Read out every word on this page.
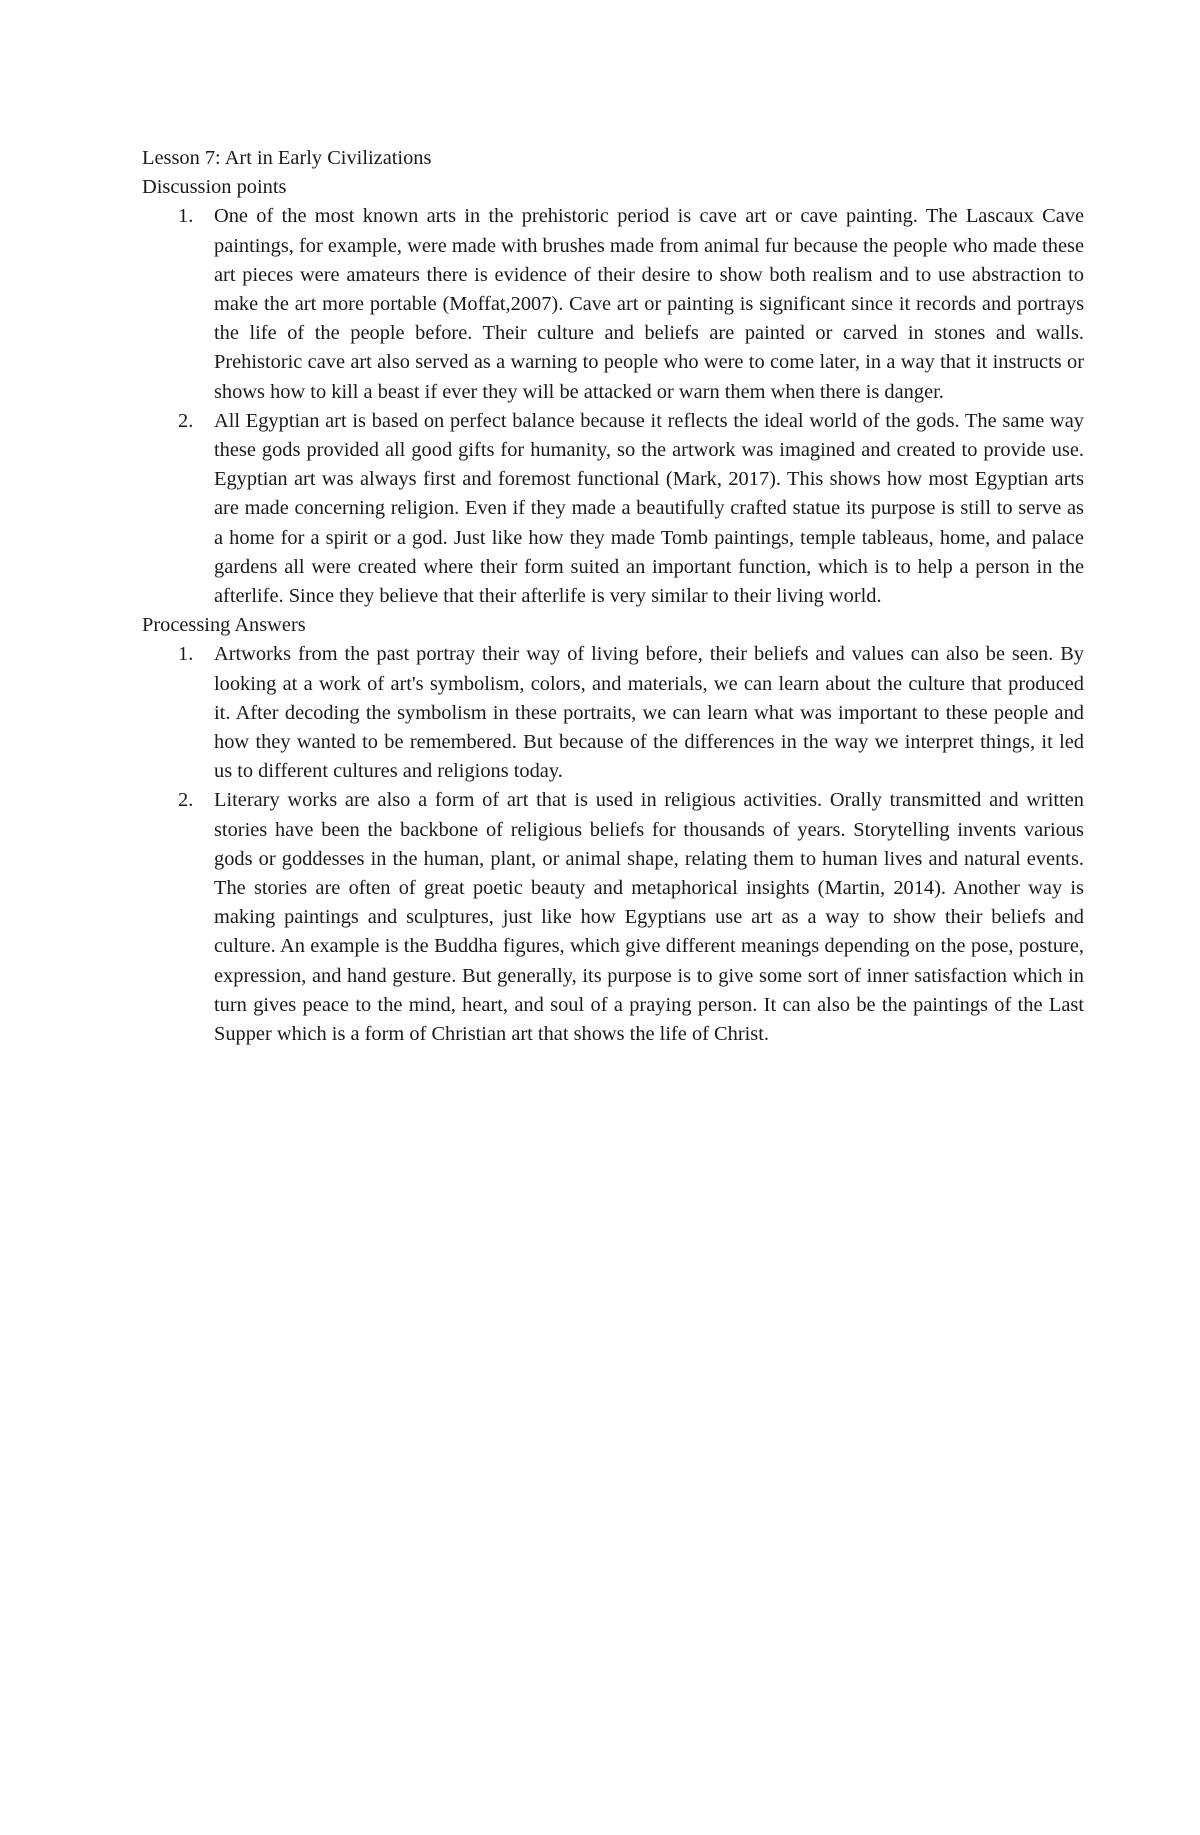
Lesson 7: Art in Early Civilizations

Discussion points

One of the most known arts in the prehistoric period is cave art or cave painting. The Lascaux Cave paintings, for example, were made with brushes made from animal fur because the people who made these art pieces were amateurs there is evidence of their desire to show both realism and to use abstraction to make the art more portable (Moffat,2007). Cave art or painting is significant since it records and portrays the life of the people before. Their culture and beliefs are painted or carved in stones and walls. Prehistoric cave art also served as a warning to people who were to come later, in a way that it instructs or shows how to kill a beast if ever they will be attacked or warn them when there is danger.
All Egyptian art is based on perfect balance because it reflects the ideal world of the gods. The same way these gods provided all good gifts for humanity, so the artwork was imagined and created to provide use. Egyptian art was always first and foremost functional (Mark, 2017). This shows how most Egyptian arts are made concerning religion. Even if they made a beautifully crafted statue its purpose is still to serve as a home for a spirit or a god. Just like how they made Tomb paintings, temple tableaus, home, and palace gardens all were created where their form suited an important function, which is to help a person in the afterlife. Since they believe that their afterlife is very similar to their living world.

Processing Answers

Artworks from the past portray their way of living before, their beliefs and values can also be seen. By looking at a work of art's symbolism, colors, and materials, we can learn about the culture that produced it. After decoding the symbolism in these portraits, we can learn what was important to these people and how they wanted to be remembered. But because of the differences in the way we interpret things, it led us to different cultures and religions today.
Literary works are also a form of art that is used in religious activities. Orally transmitted and written stories have been the backbone of religious beliefs for thousands of years. Storytelling invents various gods or goddesses in the human, plant, or animal shape, relating them to human lives and natural events. The stories are often of great poetic beauty and metaphorical insights (Martin, 2014). Another way is making paintings and sculptures, just like how Egyptians use art as a way to show their beliefs and culture. An example is the Buddha figures, which give different meanings depending on the pose, posture, expression, and hand gesture. But generally, its purpose is to give some sort of inner satisfaction which in turn gives peace to the mind, heart, and soul of a praying person. It can also be the paintings of the Last Supper which is a form of Christian art that shows the life of Christ.
